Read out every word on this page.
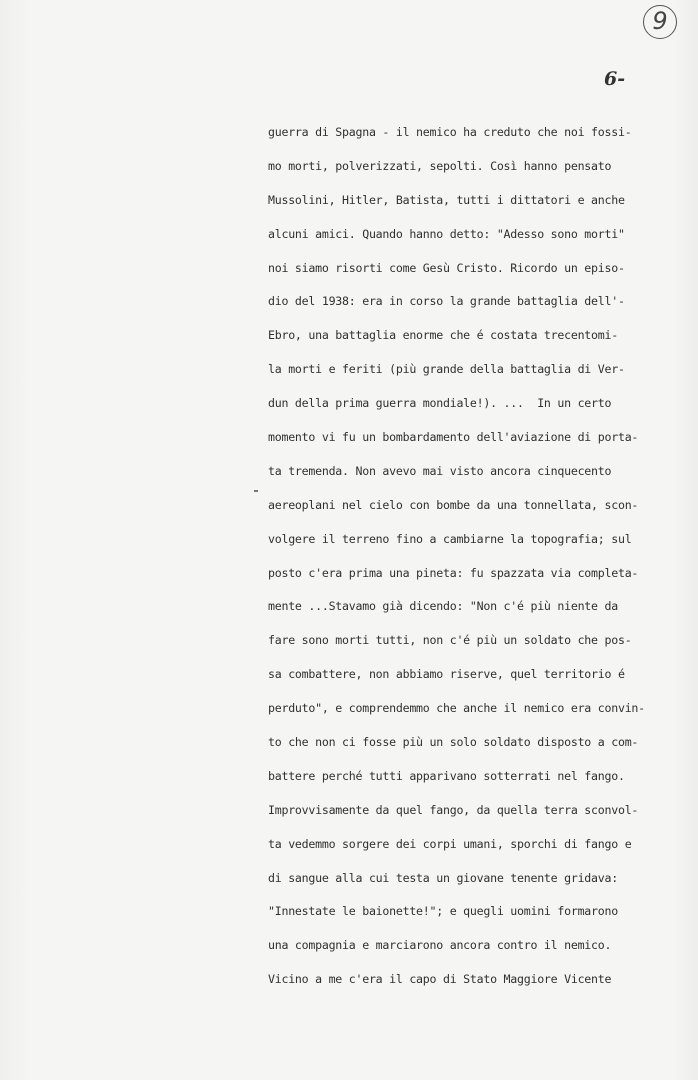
9
6-
guerra di Spagna - il nemico ha creduto che noi fossi-
mo morti, polverizzati, sepolti. Così hanno pensato
Mussolini, Hitler, Batista, tutti i dittatori e anche
alcuni amici. Quando hanno detto: "Adesso sono morti"
noi siamo risorti come Gesù Cristo. Ricordo un episo-
dio del 1938: era in corso la grande battaglia dell'-
Ebro, una battaglia enorme che é costata trecentomi-
la morti e feriti (più grande della battaglia di Ver-
dun della prima guerra mondiale!). ...  In un certo
momento vi fu un bombardamento dell'aviazione di porta-
ta tremenda. Non avevo mai visto ancora cinquecento
aereoplani nel cielo con bombe da una tonnellata, scon-
volgere il terreno fino a cambiarne la topografia; sul
posto c'era prima una pineta: fu spazzata via completa-
mente ...Stavamo già dicendo: "Non c'é più niente da
fare sono morti tutti, non c'é più un soldato che pos-
sa combattere, non abbiamo riserve, quel territorio é
perduto", e comprendemmo che anche il nemico era convin-
to che non ci fosse più un solo soldato disposto a com-
battere perché tutti apparivano sotterrati nel fango.
Improvvisamente da quel fango, da quella terra sconvol-
ta vedemmo sorgere dei corpi umani, sporchi di fango e
di sangue alla cui testa un giovane tenente gridava:
"Innestate le baionette!"; e quegli uomini formarono
una compagnia e marciarono ancora contro il nemico.
Vicino a me c'era il capo di Stato Maggiore Vicente
